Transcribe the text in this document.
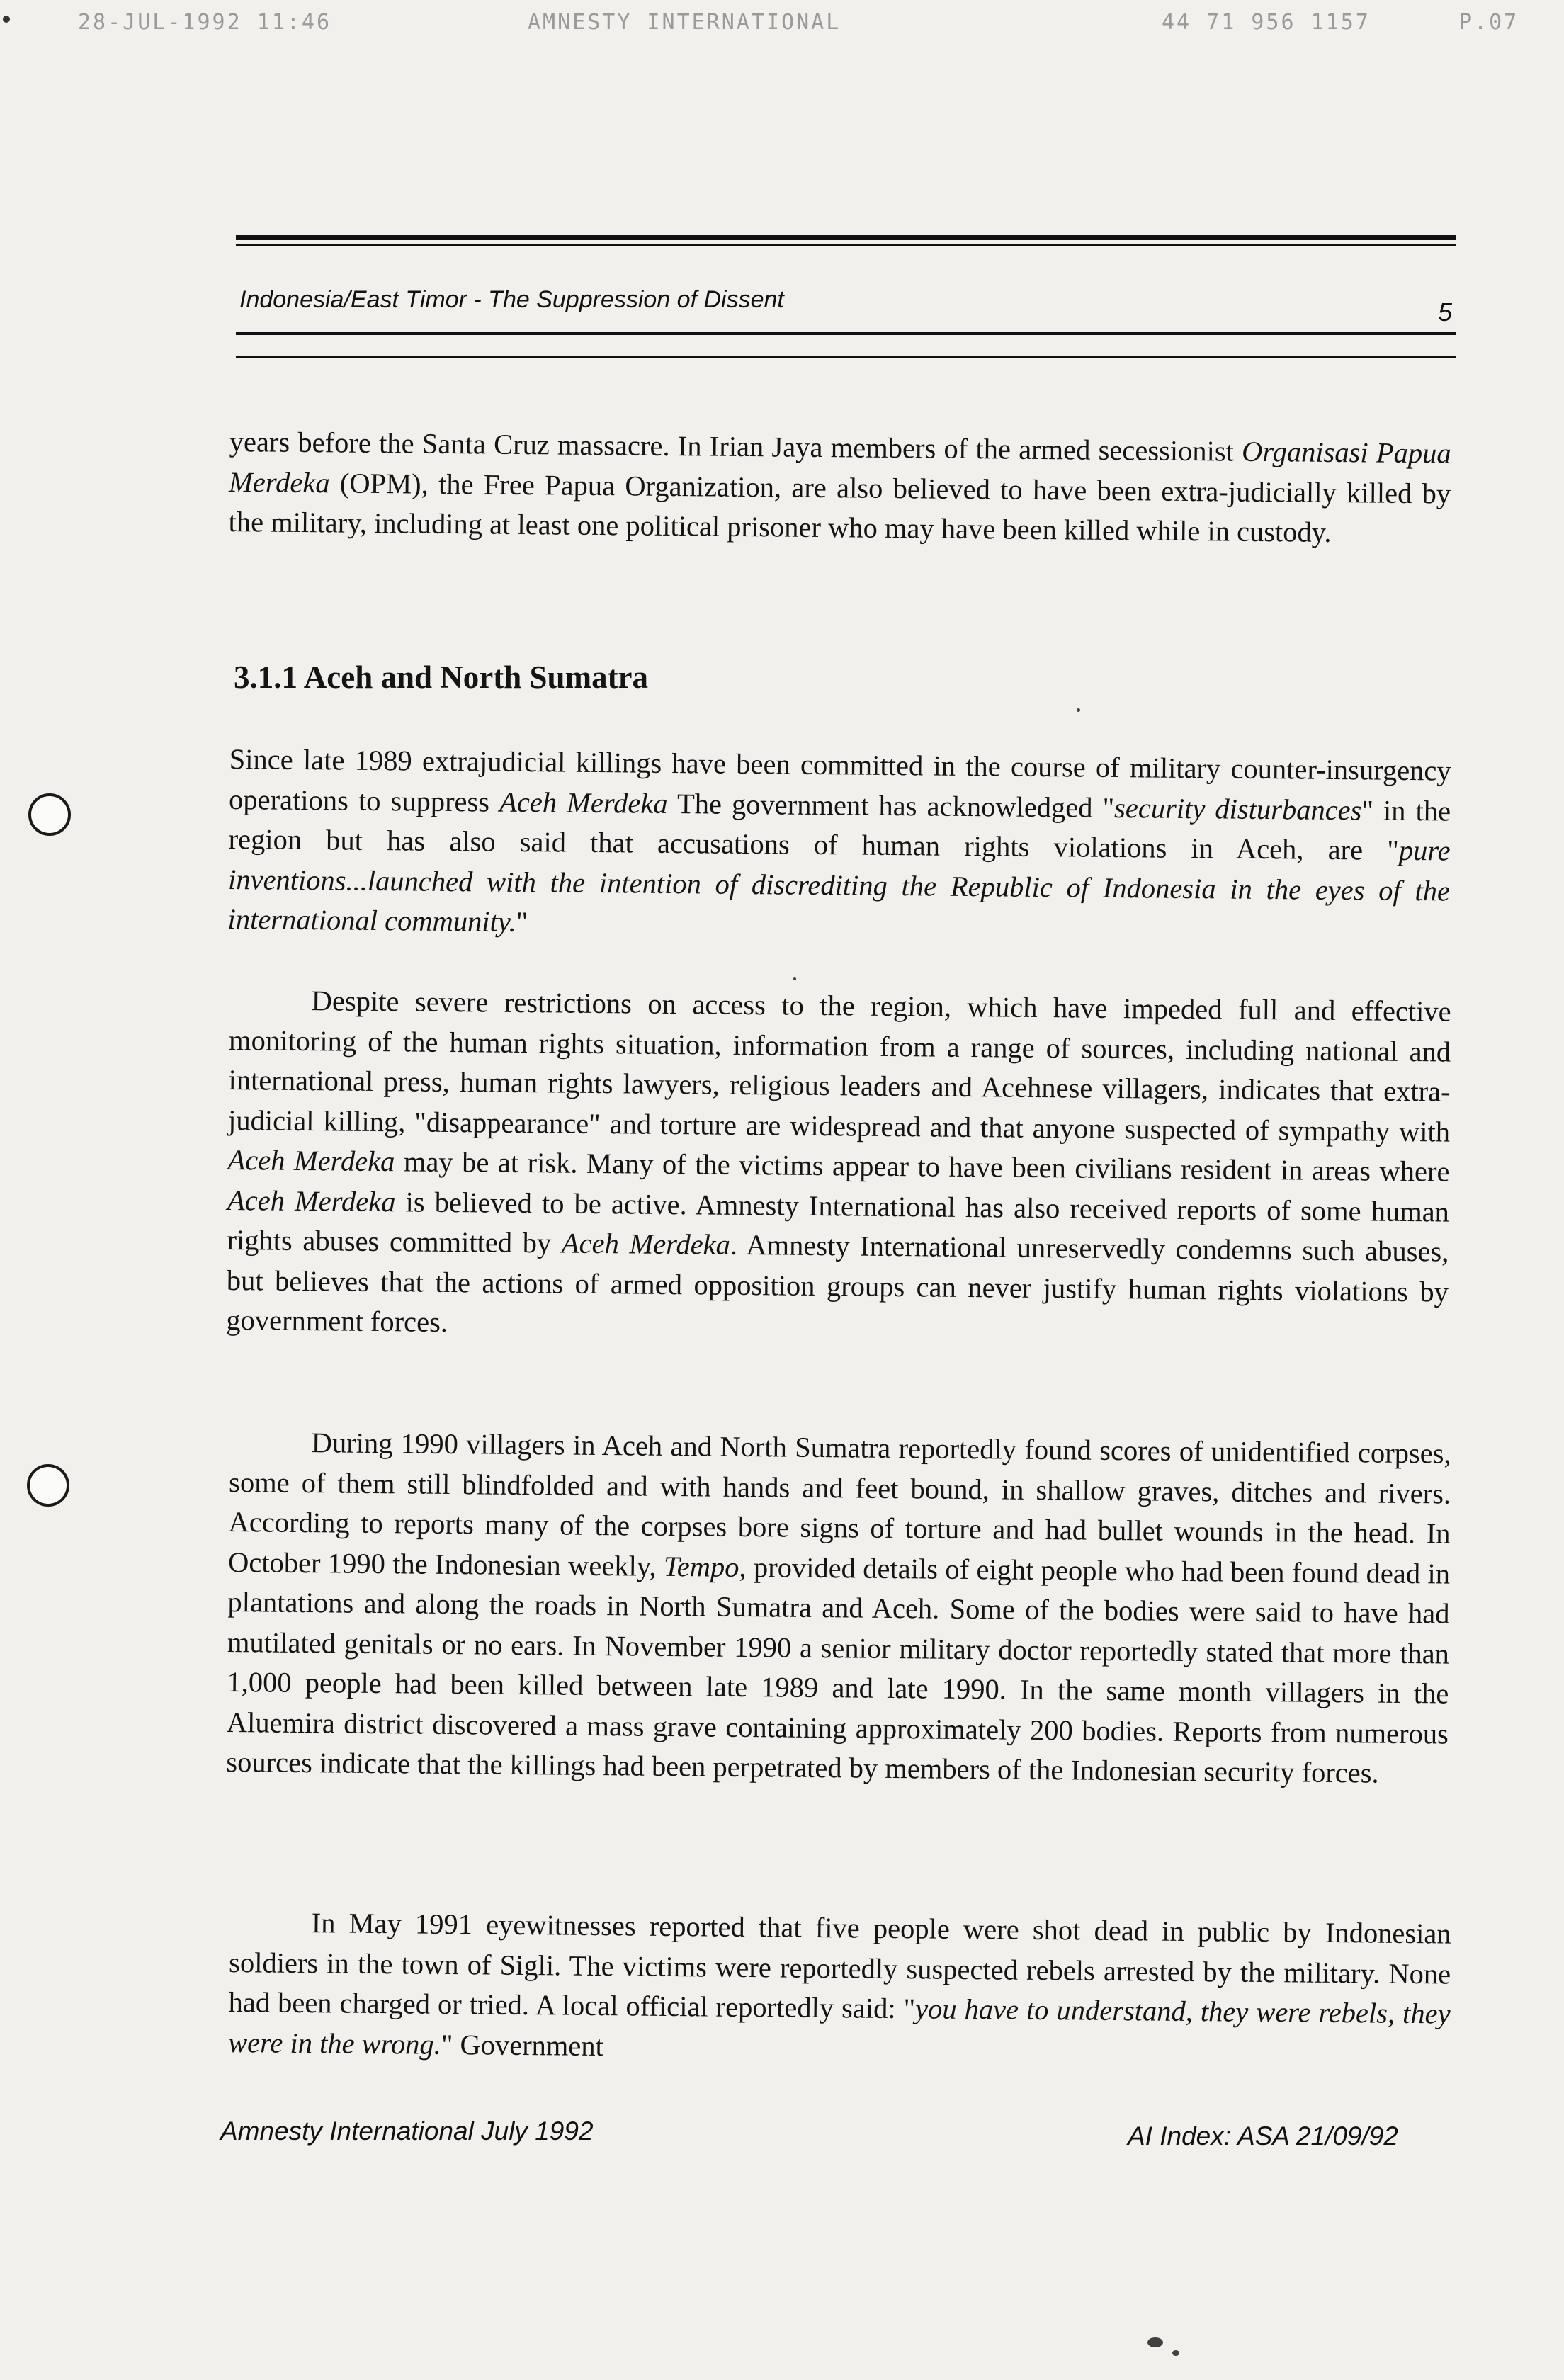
28-JUL-1992 11:46	AMNESTY INTERNATIONAL	44 71 956 1157	P.07
Indonesia/East Timor - The Suppression of Dissent	5

years before the Santa Cruz massacre. In Irian Jaya members of the armed secessionist Organisasi Papua Merdeka (OPM), the Free Papua Organization, are also believed to have been extra-judicially killed by the military, including at least one political prisoner who may have been killed while in custody.

3.1.1 Aceh and North Sumatra

Since late 1989 extrajudicial killings have been committed in the course of military counter-insurgency operations to suppress Aceh Merdeka The government has acknowledged "security disturbances" in the region but has also said that accusations of human rights violations in Aceh, are "pure inventions...launched with the intention of discrediting the Republic of Indonesia in the eyes of the international community."

Despite severe restrictions on access to the region, which have impeded full and effective monitoring of the human rights situation, information from a range of sources, including national and international press, human rights lawyers, religious leaders and Acehnese villagers, indicates that extra-judicial killing, "disappearance" and torture are widespread and that anyone suspected of sympathy with Aceh Merdeka may be at risk. Many of the victims appear to have been civilians resident in areas where Aceh Merdeka is believed to be active. Amnesty International has also received reports of some human rights abuses committed by Aceh Merdeka. Amnesty International unreservedly condemns such abuses, but believes that the actions of armed opposition groups can never justify human rights violations by government forces.

During 1990 villagers in Aceh and North Sumatra reportedly found scores of unidentified corpses, some of them still blindfolded and with hands and feet bound, in shallow graves, ditches and rivers. According to reports many of the corpses bore signs of torture and had bullet wounds in the head. In October 1990 the Indonesian weekly, Tempo, provided details of eight people who had been found dead in plantations and along the roads in North Sumatra and Aceh. Some of the bodies were said to have had mutilated genitals or no ears. In November 1990 a senior military doctor reportedly stated that more than 1,000 people had been killed between late 1989 and late 1990. In the same month villagers in the Aluemira district discovered a mass grave containing approximately 200 bodies. Reports from numerous sources indicate that the killings had been perpetrated by members of the Indonesian security forces.

In May 1991 eyewitnesses reported that five people were shot dead in public by Indonesian soldiers in the town of Sigli. The victims were reportedly suspected rebels arrested by the military. None had been charged or tried. A local official reportedly said: "you have to understand, they were rebels, they were in the wrong." Government

Amnesty International July 1992	AI Index: ASA 21/09/92
